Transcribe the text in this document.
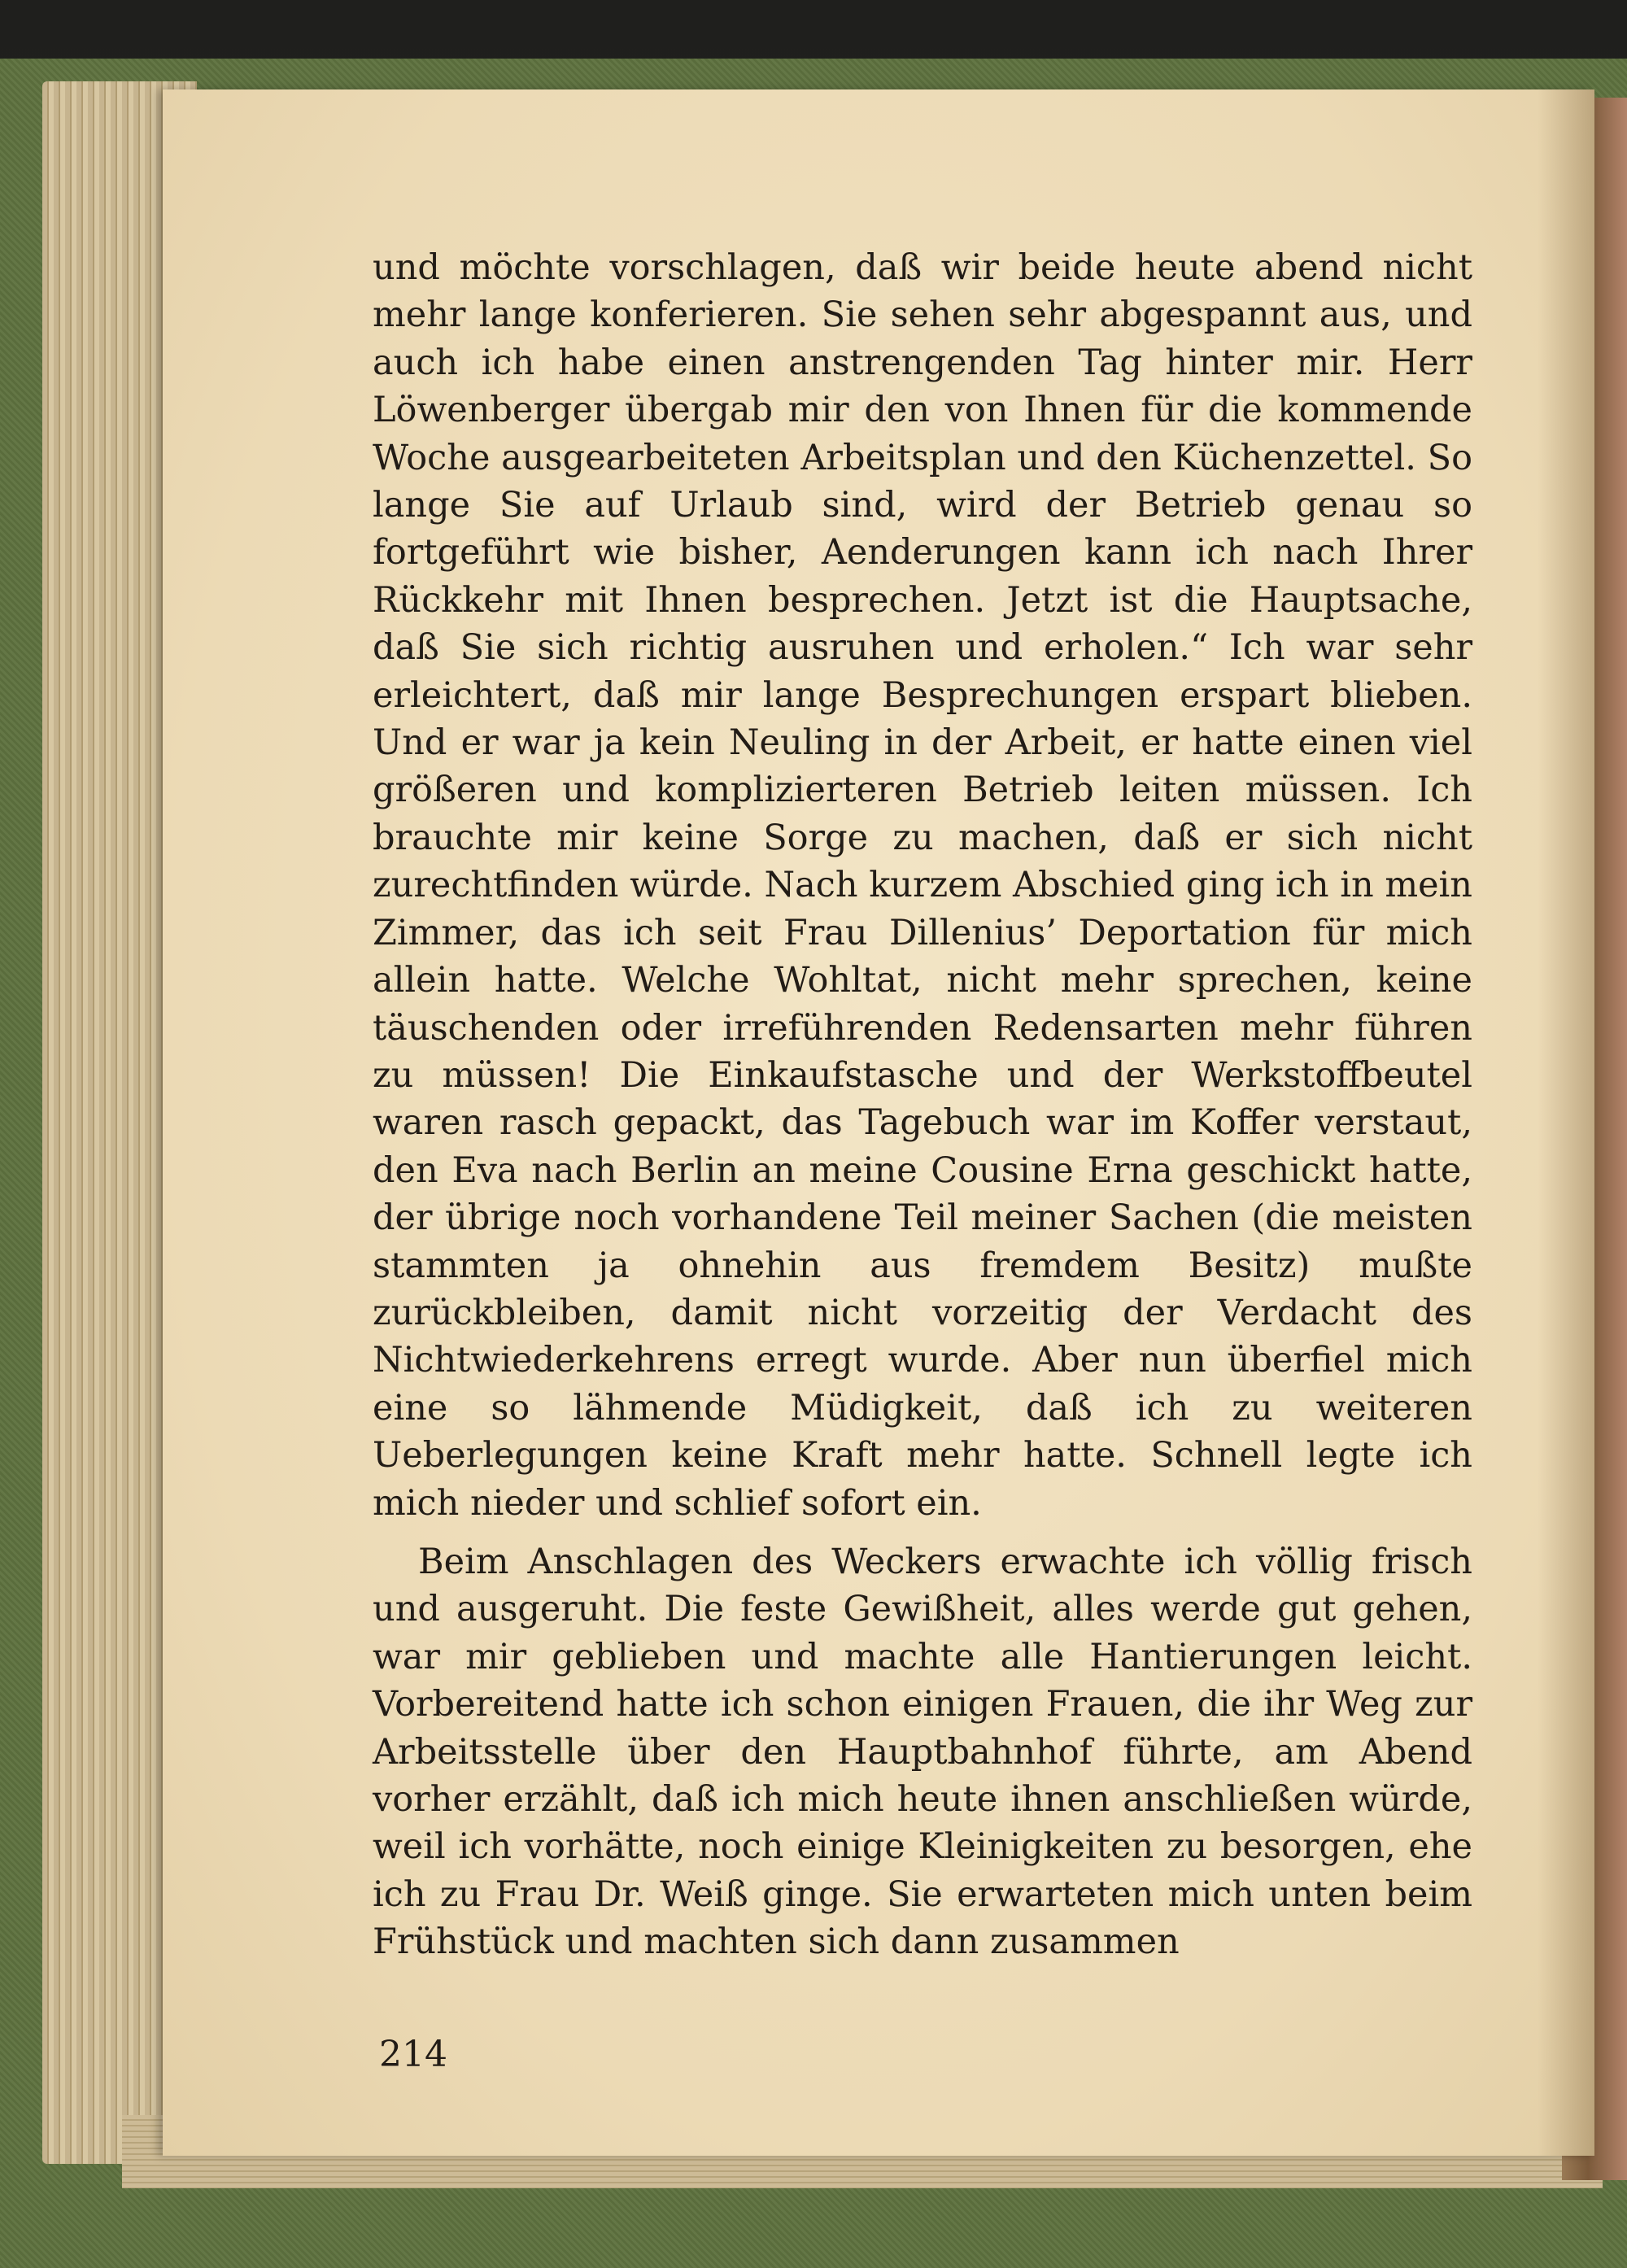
und möchte vorschlagen, daß wir beide heute abend nicht mehr lange konferieren. Sie sehen sehr abgespannt aus, und auch ich habe einen anstrengenden Tag hinter mir. Herr Löwenberger übergab mir den von Ihnen für die kommende Woche ausgearbeiteten Arbeitsplan und den Küchenzettel. So lange Sie auf Urlaub sind, wird der Betrieb genau so fortgeführt wie bisher, Aenderungen kann ich nach Ihrer Rückkehr mit Ihnen besprechen. Jetzt ist die Hauptsache, daß Sie sich richtig ausruhen und erholen.“ Ich war sehr erleichtert, daß mir lange Besprechungen erspart blieben. Und er war ja kein Neuling in der Arbeit, er hatte einen viel größeren und komplizierteren Betrieb leiten müssen. Ich brauchte mir keine Sorge zu machen, daß er sich nicht zurechtfinden würde. Nach kurzem Abschied ging ich in mein Zimmer, das ich seit Frau Dillenius’ Deportation für mich allein hatte. Welche Wohltat, nicht mehr sprechen, keine täuschenden oder irreführenden Redensarten mehr führen zu müssen! Die Einkaufstasche und der Werkstoffbeutel waren rasch gepackt, das Tagebuch war im Koffer verstaut, den Eva nach Berlin an meine Cousine Erna geschickt hatte, der übrige noch vorhandene Teil meiner Sachen (die meisten stammten ja ohnehin aus fremdem Besitz) mußte zurückbleiben, damit nicht vorzeitig der Verdacht des Nichtwiederkehrens erregt wurde. Aber nun überfiel mich eine so lähmende Müdigkeit, daß ich zu weiteren Ueberlegungen keine Kraft mehr hatte. Schnell legte ich mich nieder und schlief sofort ein.

Beim Anschlagen des Weckers erwachte ich völlig frisch und ausgeruht. Die feste Gewißheit, alles werde gut gehen, war mir geblieben und machte alle Hantierungen leicht. Vorbereitend hatte ich schon einigen Frauen, die ihr Weg zur Arbeitsstelle über den Hauptbahnhof führte, am Abend vorher erzählt, daß ich mich heute ihnen anschließen würde, weil ich vorhätte, noch einige Kleinigkeiten zu besorgen, ehe ich zu Frau Dr. Weiß ginge. Sie erwarteten mich unten beim Frühstück und machten sich dann zusammen

214
